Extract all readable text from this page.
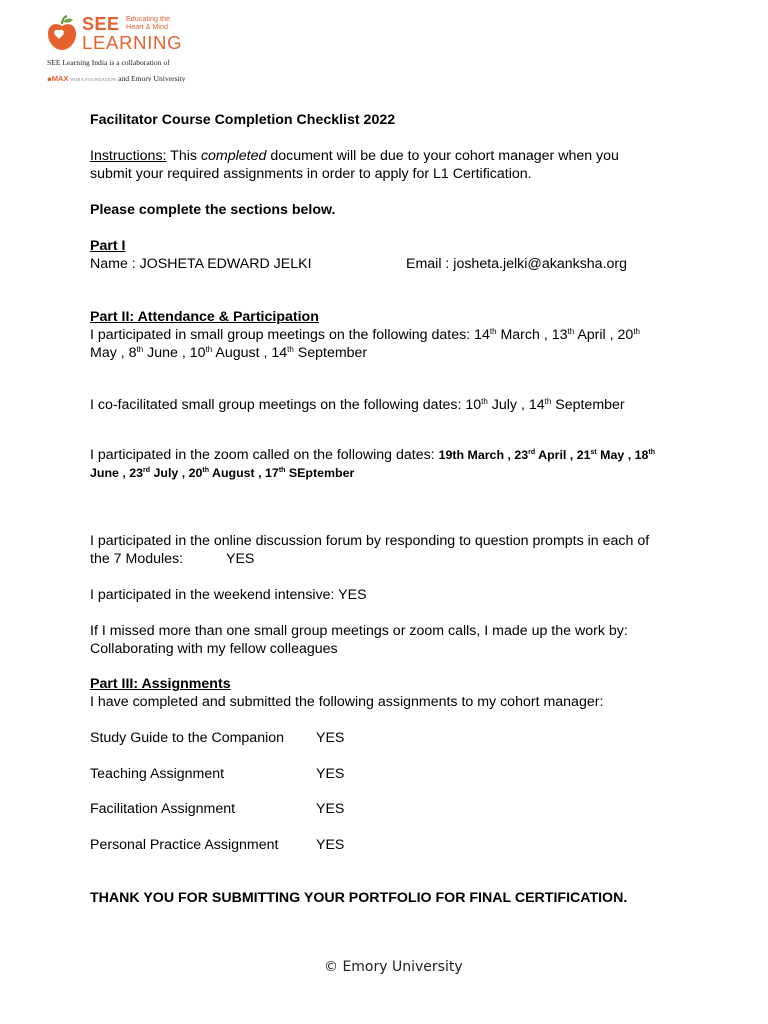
SEE Educating the
Heart & Mind
LEARNING
SEE Learning India is a collaboration of
๑MAX INDIA FOUNDATION and Emory University
Facilitator Course Completion Checklist 2022
Instructions: This completed document will be due to your cohort manager when you
submit your required assignments in order to apply for L1 Certification.
Please complete the sections below.
Part I
Name : JOSHETA EDWARD JELKI	Email : josheta.jelki@akanksha.org
Part II: Attendance & Participation
I participated in small group meetings on the following dates: 14th March , 13th April , 20th
May , 8th June , 10th August , 14th September
I co-facilitated small group meetings on the following dates: 10th July , 14th September
I participated in the zoom called on the following dates: 19th March , 23rd April , 21st May , 18th
June , 23rd July , 20th August , 17th SEptember
I participated in the online discussion forum by responding to question prompts in each of
the 7 Modules:	YES
I participated in the weekend intensive: YES
If I missed more than one small group meetings or zoom calls, I made up the work by:
Collaborating with my fellow colleagues
Part III: Assignments
I have completed and submitted the following assignments to my cohort manager:
Study Guide to the Companion YES
Teaching Assignment	YES
Facilitation Assignment	YES
Personal Practice Assignment	YES
THANK YOU FOR SUBMITTING YOUR PORTFOLIO FOR FINAL CERTIFICATION.
© Emory University
